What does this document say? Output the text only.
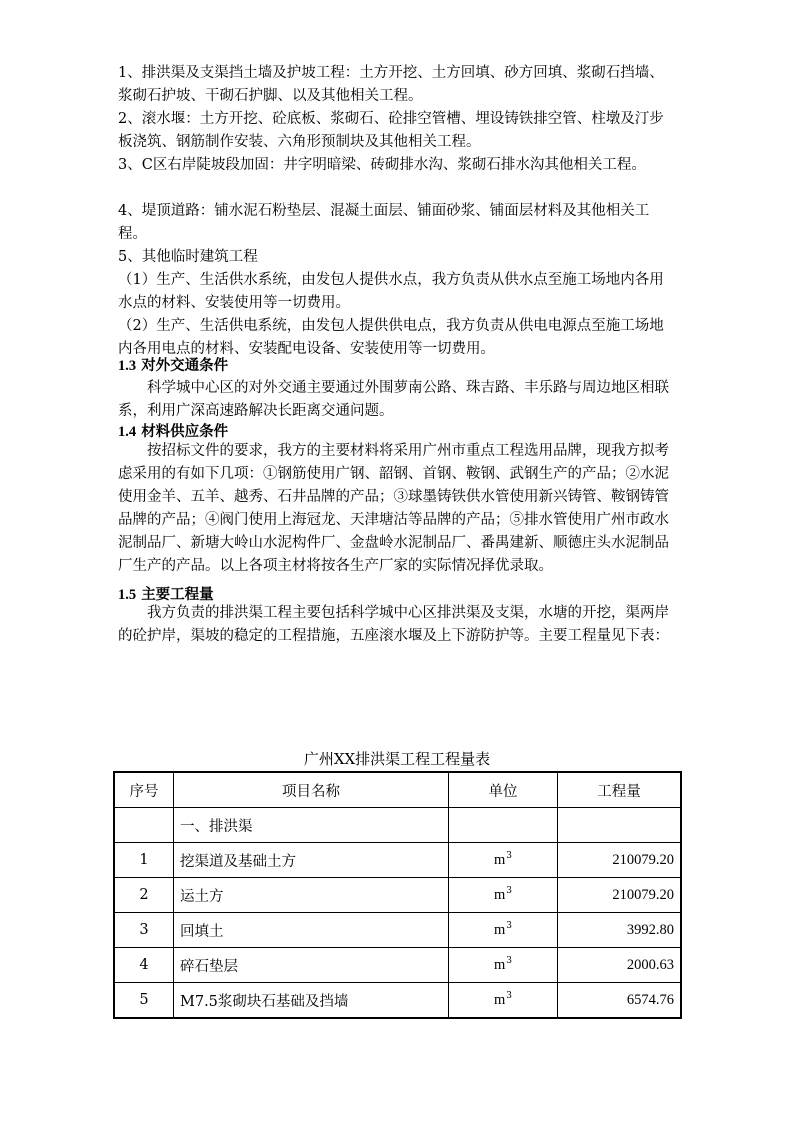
1、排洪渠及支渠挡土墙及护坡工程：土方开挖、土方回填、砂方回填、浆砌石挡墙、浆砌石护坡、干砌石护脚、以及其他相关工程。

2、滚水堰：土方开挖、砼底板、浆砌石、砼排空管槽、埋设铸铁排空管、柱墩及汀步板浇筑、钢筋制作安装、六角形预制块及其他相关工程。

3、C区右岸陡坡段加固：井字明暗梁、砖砌排水沟、浆砌石排水沟其他相关工程。

4、堤顶道路：铺水泥石粉垫层、混凝土面层、铺面砂浆、铺面层材料及其他相关工程。

5、其他临时建筑工程

（1）生产、生活供水系统，由发包人提供水点，我方负责从供水点至施工场地内各用水点的材料、安装使用等一切费用。

（2）生产、生活供电系统，由发包人提供供电点，我方负责从供电电源点至施工场地内各用电点的材料、安装配电设备、安装使用等一切费用。

1.3 对外交通条件

科学城中心区的对外交通主要通过外围萝南公路、珠吉路、丰乐路与周边地区相联系，利用广深高速路解决长距离交通问题。

1.4 材料供应条件

按招标文件的要求，我方的主要材料将采用广州市重点工程选用品牌，现我方拟考虑采用的有如下几项：①钢筋使用广钢、韶钢、首钢、鞍钢、武钢生产的产品；②水泥使用金羊、五羊、越秀、石井品牌的产品；③球墨铸铁供水管使用新兴铸管、鞍钢铸管品牌的产品；④阀门使用上海冠龙、天津塘沽等品牌的产品；⑤排水管使用广州市政水泥制品厂、新塘大岭山水泥构件厂、金盘岭水泥制品厂、番禺建新、顺德庄头水泥制品厂生产的产品。以上各项主材将按各生产厂家的实际情况择优录取。

1.5 主要工程量

我方负责的排洪渠工程主要包括科学城中心区排洪渠及支渠，水塘的开挖，渠两岸的砼护岸，渠坡的稳定的工程措施，五座滚水堰及上下游防护等。主要工程量见下表：

广州XX排洪渠工程工程量表
序号	项目名称	单位	工程量
	一、排洪渠		
1	挖渠道及基础土方	$m^3$	210079.20
2	运土方	$m^3$	210079.20
3	回填土	$m^3$	3992.80
4	碎石垫层	$m^3$	2000.63
5	M7.5浆砌块石基础及挡墙	$m^3$	6574.76
